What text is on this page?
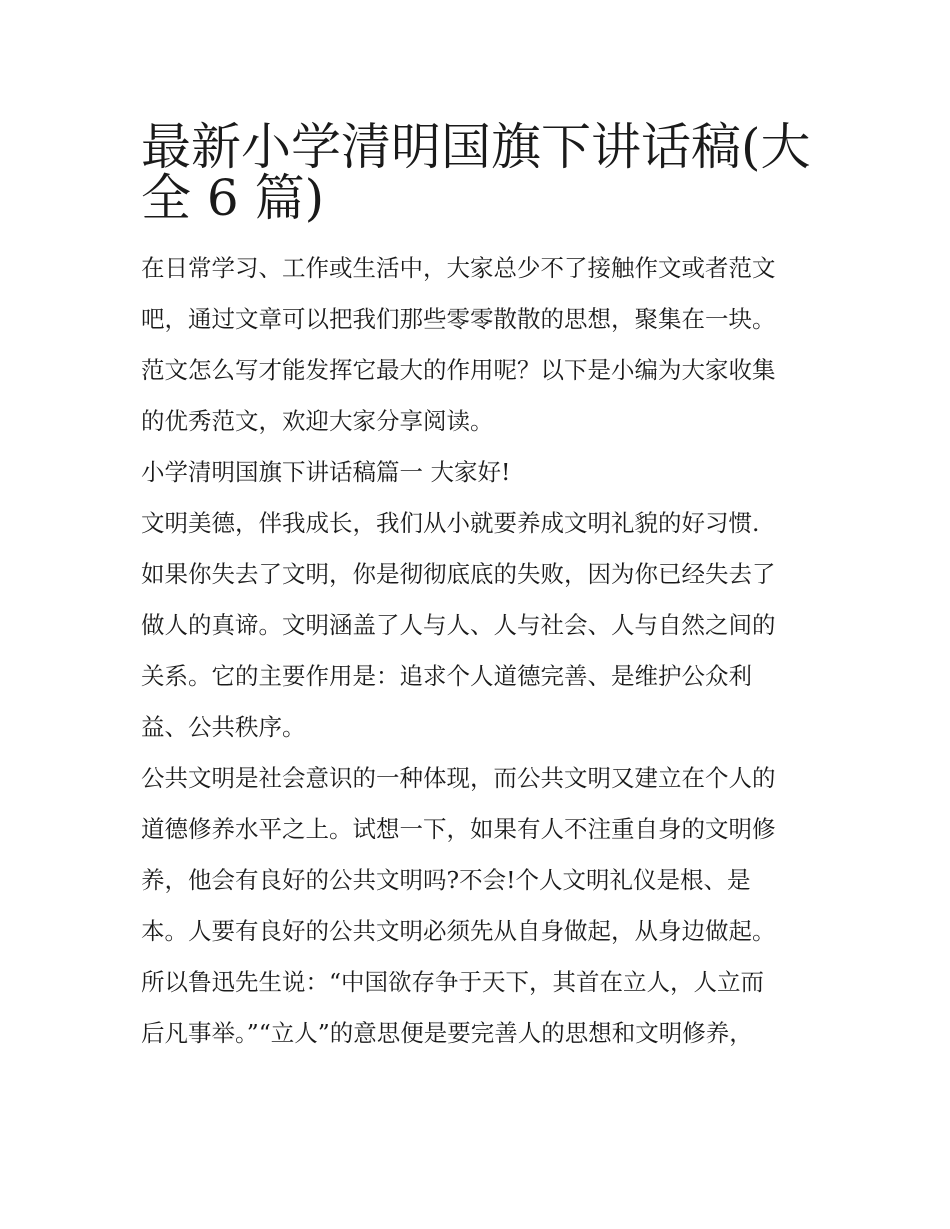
最新小学清明国旗下讲话稿(大
全 6 篇)
在日常学习、工作或生活中，大家总少不了接触作文或者范文
吧，通过文章可以把我们那些零零散散的思想，聚集在一块。
范文怎么写才能发挥它最大的作用呢？以下是小编为大家收集
的优秀范文，欢迎大家分享阅读。
小学清明国旗下讲话稿篇一 大家好!
文明美德，伴我成长，我们从小就要养成文明礼貌的好习惯.
如果你失去了文明，你是彻彻底底的失败，因为你已经失去了
做人的真谛。文明涵盖了人与人、人与社会、人与自然之间的
关系。它的主要作用是：追求个人道德完善、是维护公众利
益、公共秩序。
公共文明是社会意识的一种体现，而公共文明又建立在个人的
道德修养水平之上。试想一下，如果有人不注重自身的文明修
养，他会有良好的公共文明吗?不会!个人文明礼仪是根、是
本。人要有良好的公共文明必须先从自身做起，从身边做起。
所以鲁迅先生说：“中国欲存争于天下，其首在立人，人立而
后凡事举。”“立人”的意思便是要完善人的思想和文明修养，
